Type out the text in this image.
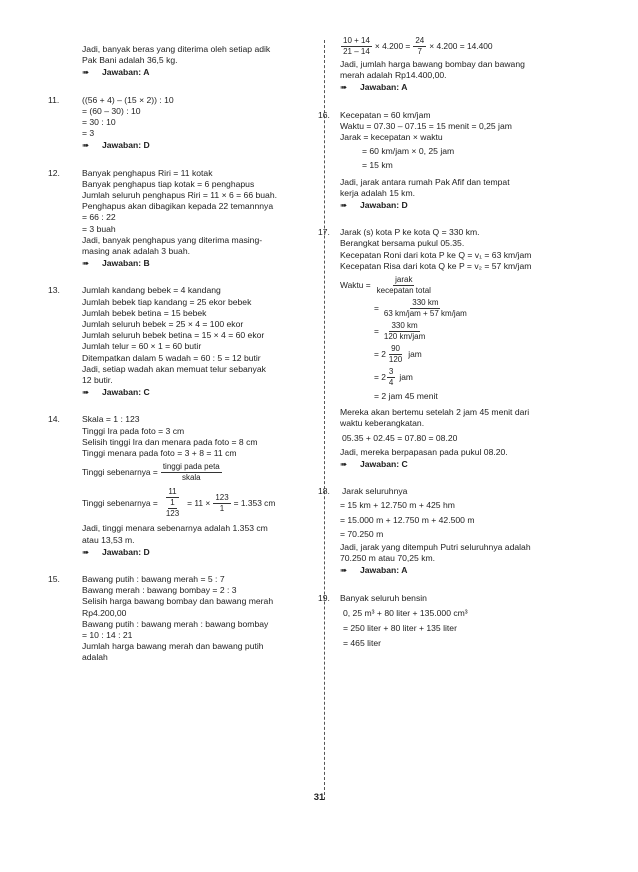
Jadi, banyak beras yang diterima oleh setiap adik

Pak Bani adalah 36,5 kg.

➠ Jawaban: A

11.	((56 + 4) – (15 × 2)) : 10

= (60 – 30) : 10

= 30 : 10

= 3

➠ Jawaban: D

12.	Banyak penghapus Riri = 11 kotak

Banyak penghapus tiap kotak = 6 penghapus

Jumlah seluruh penghapus Riri = 11 × 6 = 66 buah.

Penghapus akan dibagikan kepada 22 temannnya

= 66 : 22

= 3 buah

Jadi, banyak penghapus yang diterima masing-

masing anak adalah 3 buah.

➠ Jawaban: B

13.	Jumlah kandang bebek = 4 kandang

Jumlah bebek tiap kandang = 25 ekor bebek

Jumlah bebek betina = 15 bebek

Jumlah seluruh bebek = 25 × 4 = 100 ekor

Jumlah seluruh bebek betina = 15 × 4 = 60 ekor

Jumlah telur = 60 × 1 = 60 butir

Ditempatkan dalam 5 wadah = 60 : 5 = 12 butir

Jadi, setiap wadah akan memuat telur sebanyak

12 butir.

➠ Jawaban: C

14.	Skala = 1 : 123

Tinggi Ira pada foto = 3 cm

Selisih tinggi Ira dan menara pada foto = 8 cm

Tinggi menara pada foto = 3 + 8 = 11 cm

Tinggi sebenarnya = $\frac{\text{tinggi pada peta}}{\text{skala}}$
Tinggi sebenarnya = $\frac{11}{\frac{1}{123}} = 11 \times \frac{123}{1} = 1.353$ cm

Jadi, tinggi menara sebenarnya adalah 1.353 cm

atau 13,53 m.

➠ Jawaban: D

15.	Bawang putih : bawang merah = 5 : 7

Bawang merah : bawang bombay = 2 : 3

Selisih harga bawang bombay dan bawang merah

Rp4.200,00

Bawang putih : bawang merah : bawang bombay

= 10 : 14 : 21

Jumlah harga bawang merah dan bawang putih

adalah

$\frac{10 + 14}{21 - 14} \times 4.200 = \frac{24}{7} \times 4.200 = 14.400$

Jadi, jumlah harga bawang bombay dan bawang

merah adalah Rp14.400,00.

➠ Jawaban: A

16. Kecepatan = 60 km/jam

Waktu = 07.30 – 07.15 = 15 menit = 0,25 jam

Jarak = kecepatan × waktu

= 60 km/jam × 0, 25 jam

= 15 km

Jadi, jarak antara rumah Pak Afif dan tempat

kerja adalah 15 km.

➠ Jawaban: D

17. Jarak (s) kota P ke kota Q = 330 km.

Berangkat bersama pukul 05.35.

Kecepatan Roni dari kota P ke Q = v₁ = 63 km/jam

Kecepatan Risa dari kota Q ke P = v₂ = 57 km/jam

Waktu = $\frac{\text{jarak}}{\text{kecepatan total}}$
= $\frac{330 km}{\text{63 km/jam + 57 km/jam}}$
= $\frac{330 km}{\text{120 km/jam}}$
= $2 \frac{90}{120}$ jam
= $2 \frac{3}{4}$ jam

= 2 jam 45 menit

Mereka akan bertemu setelah 2 jam 45 menit dari

waktu keberangkatan.

05.35 + 02.45 = 07.80 = 08.20

Jadi, mereka berpapasan pada pukul 08.20.

➠ Jawaban: C

18. Jarak seluruhnya

= 15 km + 12.750 m + 425 hm

= 15.000 m + 12.750 m + 42.500 m

= 70.250 m

Jadi, jarak yang ditempuh Putri seluruhnya adalah

70.250 m atau 70,25 km.

➠ Jawaban: A

19. Banyak seluruh bensin

0, 25 m³ + 80 liter + 135.000 cm³

= 250 liter + 80 liter + 135 liter

= 465 liter

31
